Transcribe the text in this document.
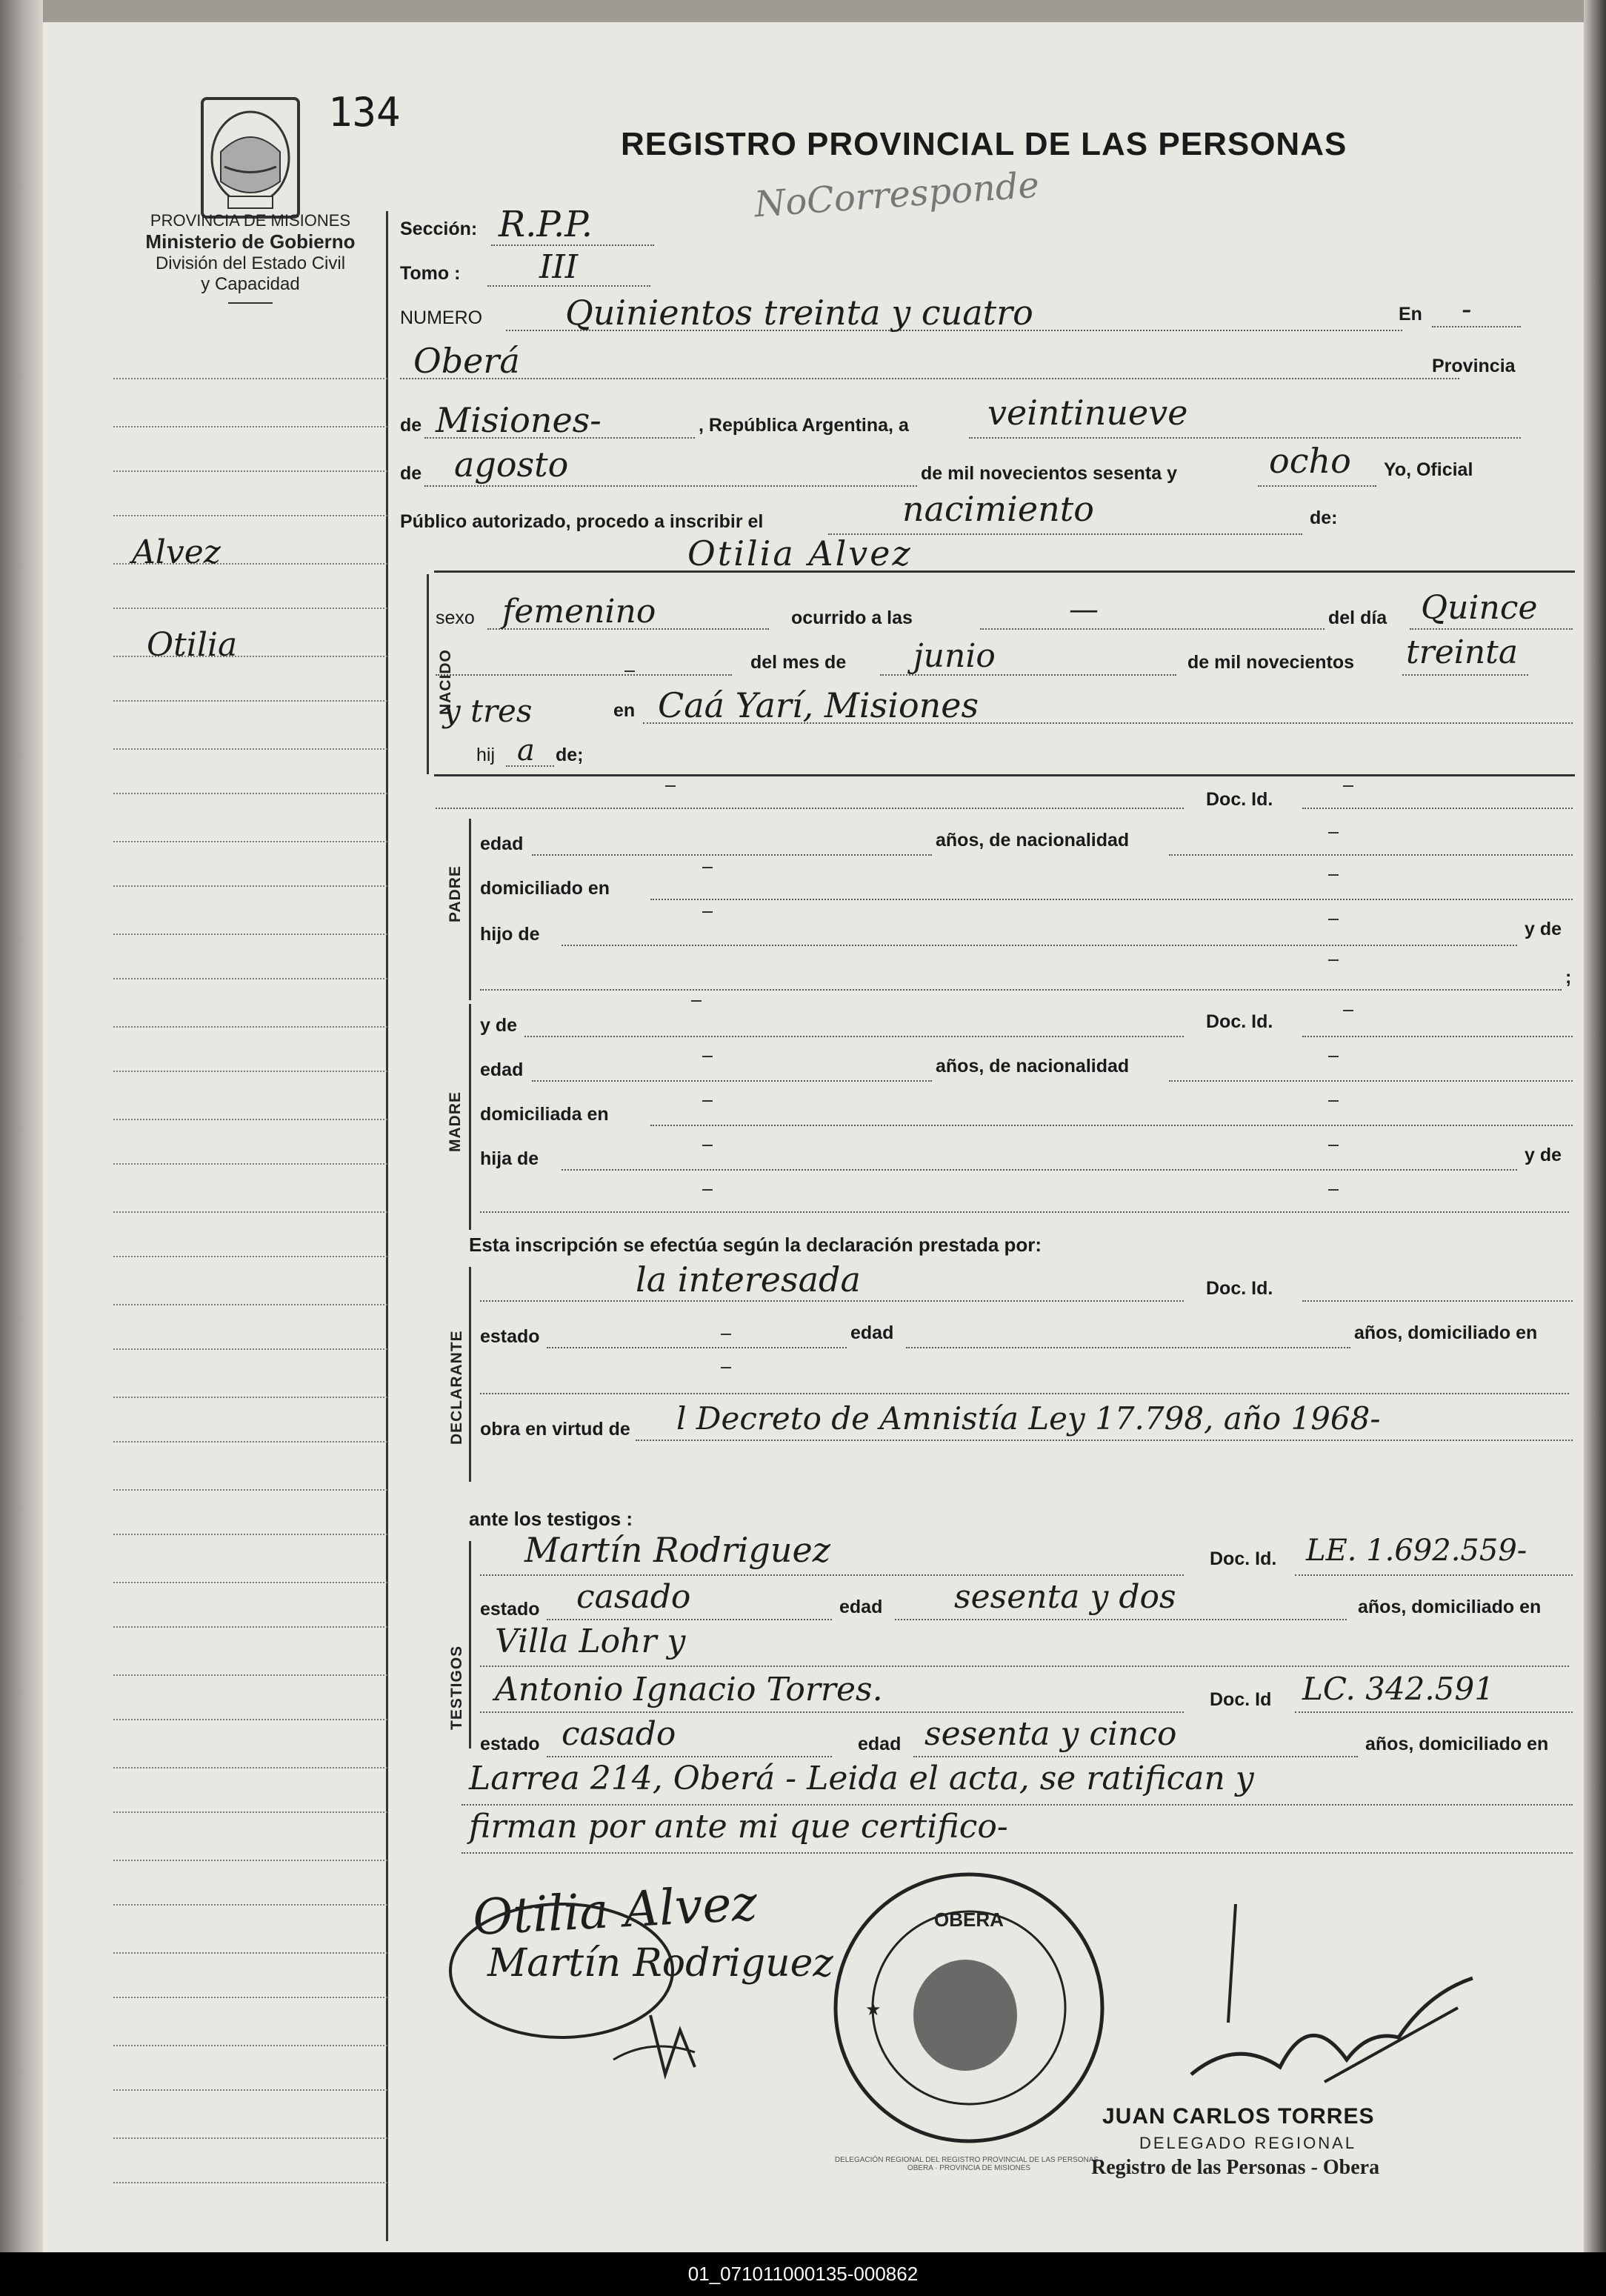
134
REGISTRO PROVINCIAL DE LAS PERSONAS
NoCorresponde
PROVINCIA DE MISIONES
Ministerio de Gobierno
División del Estado Civil
y Capacidad
Alvez
Otilia
Sección: R.P.P.
Tomo : III
NUMERO Quinientos treinta y cuatro	En -
Oberá	Provincia
de Misiones-	, República Argentina, a veintinueve
de agosto	de mil novecientos sesenta y	ocho Yo, Oficial
Público autorizado, procedo a inscribir el	nacimiento	de:
Otilia Alvez
NACIDO
sexo femenino	ocurrido a las	—	del día Quince
del mes de junio	de mil novecientos treinta
y tres	en Caá Yarí, Misiones
hij a de;
Doc. Id.
PADRE
edad	años, de nacionalidad
domiciliado en
hijo de	y de
;
y de	Doc. Id.
MADRE
edad	años, de nacionalidad
domiciliada en
hija de	y de
Esta inscripción se efectúa según la declaración prestada por:
DECLARANTE
la interesada	Doc. Id.
estado	edad	años, domiciliado en
obra en virtud de l Decreto de Amnistía Ley 17.798, año 1968-
ante los testigos :
TESTIGOS
Martín Rodriguez	Doc. Id. LE. 1.692.559-
estado casado	edad sesenta y dos	años, domiciliado en
Villa Lohr y
Antonio Ignacio Torres.	Doc. Id LC. 342.591
estado casado	edad sesenta y cinco	años, domiciliado en
Larrea 214, Oberá - Leida el acta, se ratifican y
firman por ante mi que certifico-
Otilia Alvez
Martín Rodriguez
OBERA
★
DELEGACIÓN REGIONAL DEL REGISTRO PROVINCIAL DE LAS PERSONAS · OBERA · PROVINCIA DE MISIONES
JUAN CARLOS TORRES
DELEGADO REGIONAL
Registro de las Personas - Obera
01_071011000135-000862
